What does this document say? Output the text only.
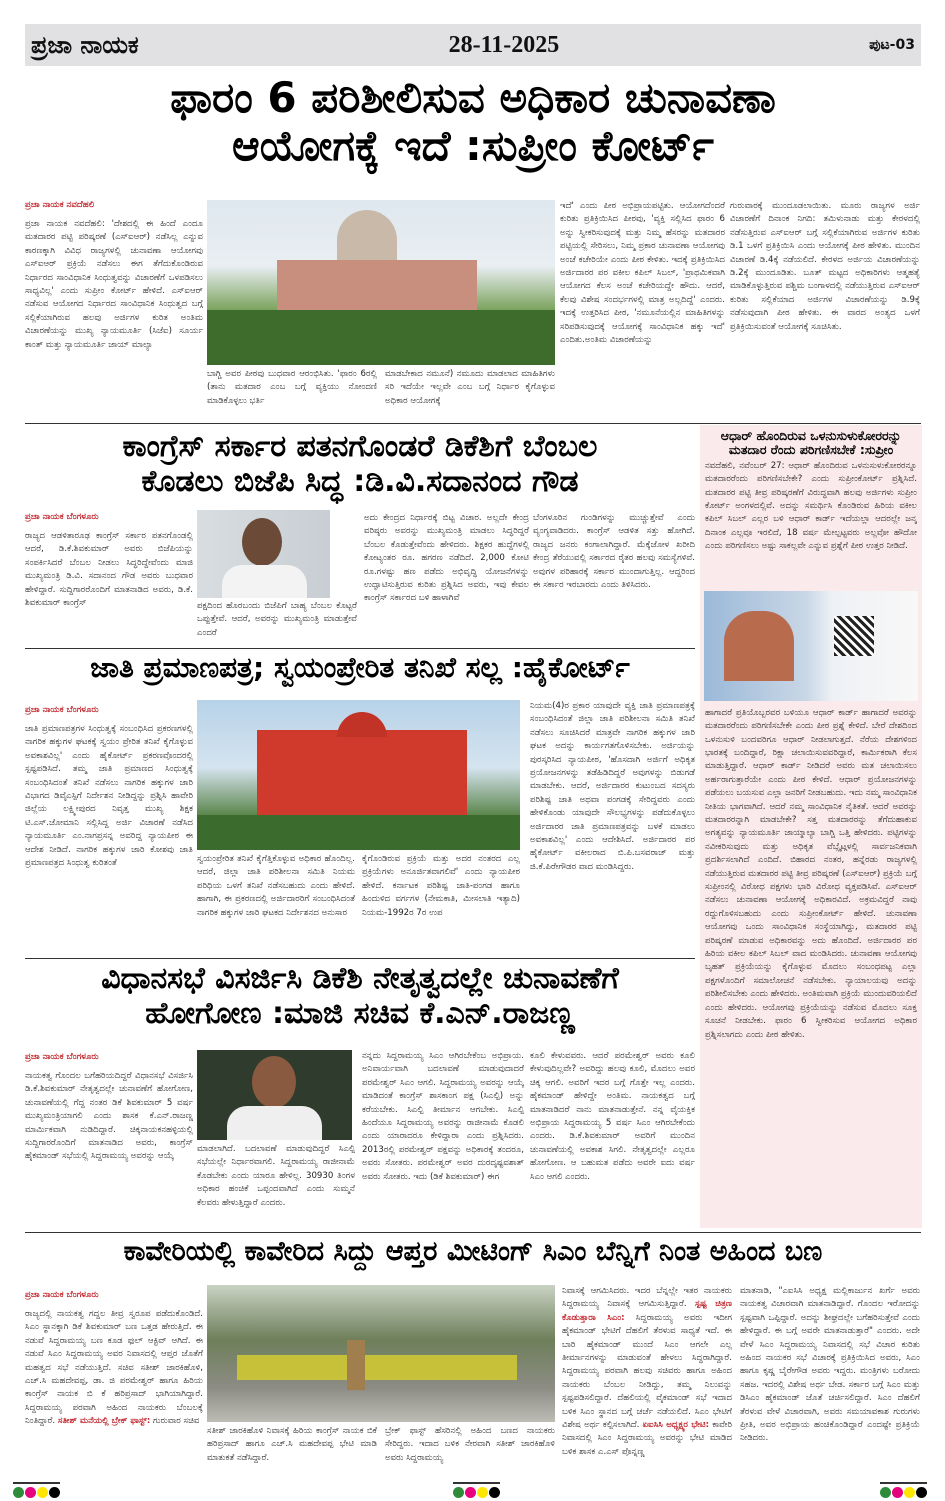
ಪ್ರಜಾ ನಾಯಕ	28-11-2025	ಪುಟ-03
ಫಾರಂ 6 ಪರಿಶೀಲಿಸುವ ಅಧಿಕಾರ ಚುನಾವಣಾ
ಆಯೋಗಕ್ಕೆ ಇದೆ :ಸುಪ್ರೀಂ ಕೋರ್ಟ್
ಪ್ರಜಾ ನಾಯಕ ನವದೆಹಲಿ
ಪ್ರಜಾ ನಾಯಕ ನವದೆಹಲಿ: 'ದೇಶದಲ್ಲಿ ಈ ಹಿಂದೆ ಎಂದೂ ಮತದಾರರ ಪಟ್ಟಿ ಪರಿಷ್ಕರಣೆ (ಎಸ್ಐಆರ್) ನಡೆಸಿಲ್ಲ ಎನ್ನುವ ಕಾರಣಕ್ಕಾಗಿ ವಿವಿಧ ರಾಜ್ಯಗಳಲ್ಲಿ ಚುನಾವಣಾ ಆಯೋಗವು ಎಸ್ಐಆರ್ ಪ್ರಕ್ರಿಯೆ ನಡೆಸಲು ಈಗ ತೆಗೆದುಕೊಂಡಿರುವ ನಿರ್ಧಾರದ ಸಾಂವಿಧಾನಿಕ ಸಿಂಧುತ್ವವನ್ನು ವಿಚಾರಣೆಗೆ ಒಳಪಡಿಸಲು ಸಾಧ್ಯವಿಲ್ಲ' ಎಂದು ಸುಪ್ರೀಂ ಕೋರ್ಟ್ ಹೇಳಿದೆ. ಎಸ್ಐಆರ್ ನಡೆಸುವ ಆಯೋಗದ ನಿರ್ಧಾರದ ಸಾಂವಿಧಾನಿಕ ಸಿಂಧುತ್ವದ ಬಗ್ಗೆ ಸಲ್ಲಿಕೆಯಾಗಿರುವ ಹಲವು ಅರ್ಜಿಗಳ ಕುರಿತ ಅಂತಿಮ ವಿಚಾರಣೆಯನ್ನು ಮುಖ್ಯ ನ್ಯಾಯಮೂರ್ತಿ (ಸಿಜೆಐ) ಸೂರ್ಯ ಕಾಂತ್ ಮತ್ತು ನ್ಯಾಯಮೂರ್ತಿ ಜಾಯ್ ಮಾಲ್ಯಾ
ಬಾಗ್ಚಿ ಅವರ ಪೀಠವು ಬುಧವಾರ ಆರಂಭಿಸಿತು. 'ಫಾರಂ 6ರಲ್ಲಿ (ತಾನು ಮತದಾರ ಎಂಬ ಬಗ್ಗೆ ವ್ಯಕ್ತಿಯು ನೋಂದಣಿ ಮಾಡಿಕೊಳ್ಳಲು ಭರ್ತಿ
ಮಾಡಬೇಕಾದ ನಮೂನೆ) ನಮೂದು ಮಾಡಲಾದ ಮಾಹಿತಿಗಳು ಸರಿ ಇದೆಯೇ ಇಲ್ಲವೇ ಎಂಬ ಬಗ್ಗೆ ನಿರ್ಧಾರ ಕೈಗೊಳ್ಳುವ ಅಧಿಕಾರ ಆಯೋಗಕ್ಕೆ
ಇದೆ' ಎಂದು ಪೀಠ ಅಭಿಪ್ರಾಯಪಟ್ಟಿತು. ಆಯೋಗದೆಂದರೆ ಕುರಿತು ಪ್ರತಿಕ್ರಿಯಿಸಿದ ಪೀಠವು, 'ವ್ಯಕ್ತಿ ಸಲ್ಲಿಸಿದ ಫಾರಂ 6 ಅನ್ನು ಸ್ವೀಕರಿಸುವುದಕ್ಕೆ ಮತ್ತು ನಿಮ್ಮ ಹೆಸರನ್ನು ಮತದಾರರ ಪಟ್ಟಿಯಲ್ಲಿ ಸೇರಿಸಲು, ನಿಮ್ಮ ಪ್ರಕಾರ ಚುನಾವಣಾ ಆಯೋಗವು ಅಂಚೆ ಕಚೇರಿಯೇ ಎಂದು ಪೀಠ ಕೇಳಿತು. ಇದಕ್ಕೆ ಪ್ರತಿಕ್ರಿಯಿಸಿದ ಅರ್ಜಿದಾರರ ಪರ ವಕೀಲ ಕಪಿಲ್ ಸಿಬಲ್, 'ಪ್ರಾಥಮಿಕವಾಗಿ ಆಯೋಗದ ಕೆಲಸ ಅಂಚೆ ಕಚೇರಿಯದ್ದೇ ಹೌದು. ಆದರೆ, ಕೆಲವು ವಿಶೇಷ ಸಂದರ್ಭಗಳಲ್ಲಿ ಮಾತ್ರ ಅಲ್ಲದಿದ್ದೆ' ಎಂದರು. ಇದಕ್ಕೆ ಉತ್ತರಿಸಿದ ಪೀಠ, 'ನಮೂನೆಯಲ್ಲಿನ ಮಾಹಿತಿಗಳನ್ನು ಸರಿಪಡಿಸುವುದಕ್ಕೆ ಆಯೋಗಕ್ಕೆ ಸಾಂವಿಧಾನಿಕ ಹಕ್ಕು ಇದೆ' ಎಂದಿತು.ಅಂತಿಮ ವಿಚಾರಣೆಯನ್ನು
ಗುರುವಾರಕ್ಕೆ ಮುಂದೂಡಲಾಯಿತು. ಮೂರು ರಾಜ್ಯಗಳ ಅರ್ಜಿ ವಿಚಾರಣೆಗೆ ದಿನಾಂಕ ನಿಗದಿ: ತಮಿಳುನಾಡು ಮತ್ತು ಕೇರಳದಲ್ಲಿ ನಡೆಸುತ್ತಿರುವ ಎಸ್ಐಆರ್ ಬಗ್ಗೆ ಸಲ್ಲಿಕೆಯಾಗಿರುವ ಅರ್ಜಿಗಳ ಕುರಿತು ಡಿ.1 ಒಳಗೆ ಪ್ರತಿಕ್ರಿಯಿಸಿ ಎಂದು ಆಯೋಗಕ್ಕೆ ಪೀಠ ಹೇಳಿತು. ಮುಂದಿನ ವಿಚಾರಣೆ ಡಿ.4ಕ್ಕೆ ನಡೆಯಲಿದೆ. ಕೇರಳದ ಅರ್ಜಿಯ ವಿಚಾರಣೆಯನ್ನು ಡಿ.2ಕ್ಕೆ ಮುಂದೂಡಿತು. ಬೂತ್ ಮಟ್ಟದ ಅಧಿಕಾರಿಗಳು ಆತ್ಮಹತ್ಯೆ ಮಾಡಿಕೊಳ್ಳುತ್ತಿರುವ ಪಶ್ಚಿಮ ಬಂಗಾಳದಲ್ಲಿ ನಡೆಯುತ್ತಿರುವ ಎಸ್ಐಆರ್ ಕುರಿತು ಸಲ್ಲಿಕೆಯಾದ ಅರ್ಜಿಗಳ ವಿಚಾರಣೆಯನ್ನು ಡಿ.9ಕ್ಕೆ ನಡೆಸುವುದಾಗಿ ಪೀಠ ಹೇಳಿತು. ಈ ವಾರದ ಅಂತ್ಯದ ಒಳಗೆ ಪ್ರತಿಕ್ರಿಯಿಸುವಂತೆ ಆಯೋಗಕ್ಕೆ ಸೂಚಿಸಿತು.
ಕಾಂಗ್ರೆಸ್ ಸರ್ಕಾರ ಪತನಗೊಂಡರೆ ಡಿಕೆಶಿಗೆ ಬೆಂಬಲ
ಕೊಡಲು ಬಿಜೆಪಿ ಸಿದ್ಧ :ಡಿ.ವಿ.ಸದಾನಂದ ಗೌಡ
ಪ್ರಜಾ ನಾಯಕ ಬೆಂಗಳೂರು
ರಾಜ್ಯದ ಆಡಳಿತಾರೂಢ ಕಾಂಗ್ರೆಸ್ ಸರ್ಕಾರ ಪತನಗೊಂಡಲ್ಲಿ ಆದರೆ, ಡಿ.ಕೆ.ಶಿವಕುಮಾರ್ ಅವರು ಬಿಜೆಪಿಯನ್ನು ಸಂಪರ್ಕಿಸಿದರೆ ಬೆಂಬಲ ನೀಡಲು ಸಿದ್ಧರಿದ್ದೇವೆಂದು ಮಾಜಿ ಮುಖ್ಯಮಂತ್ರಿ ಡಿ.ವಿ. ಸದಾನಂದ ಗೌಡ ಅವರು ಬುಧವಾರ ಹೇಳಿದ್ದಾರೆ. ಸುದ್ದಿಗಾರರೊಂದಿಗೆ ಮಾತನಾಡಿದ ಅವರು, ಡಿ.ಕೆ. ಶಿವಕುಮಾರ್ ಕಾಂಗ್ರೆಸ್	ಪಕ್ಷದಿಂದ ಹೊರಬಂದು ಬಿಜೆಪಿಗೆ ಬಾಹ್ಯ ಬೆಂಬಲ ಕೊಟ್ಟರೆ ಒಪ್ಪುತ್ತೇವೆ. ಆದರೆ, ಅವರನ್ನು ಮುಖ್ಯಮಂತ್ರಿ ಮಾಡುತ್ತೇವೆ ಎಂದರೆ
ಅದು ಕೇಂದ್ರದ ನಿರ್ಧಾರಕ್ಕೆ ಬಿಟ್ಟ ವಿಚಾರ. ಅಲ್ಲದೇ ಕೇಂದ್ರ ವರಿಷ್ಠರು ಅವರನ್ನು ಮುಖ್ಯಮಂತ್ರಿ ಮಾಡಲು ಸಿದ್ಧರಿದ್ದರೆ ಬೆಂಬಲ ಕೊಡುತ್ತೇವೆಂದು ಹೇಳಿದರು. ಶಿಕ್ಷಕರ ಹುದ್ದೆಗಳಲ್ಲಿ ಕೋಟ್ಯಂತರ ರೂ. ಹಗರಣ ನಡೆದಿದೆ. 2,000 ಕೋಟಿ ರೂ.ಗಳಷ್ಟು ಹಣ ಪಡೆದು ಅಭಿವೃದ್ಧಿ ಯೋಜನೆಗಳನ್ನು ಉದ್ಘಾಟಿಸುತ್ತಿರುವ ಕುರಿತು ಪ್ರಶ್ನಿಸಿದ ಅವರು, ಇವು ಕೇವಲ ಕಾಂಗ್ರೆಸ್ ಸರ್ಕಾರದ ಬಳಿ ಹಾಳಾಗಿವೆ
ಬೆಂಗಳೂರಿನ ಗುಂಡಿಗಳನ್ನು ಮುಚ್ಚುತ್ತೇವೆ ಎಂದು ವ್ಯಂಗ್ಯವಾಡಿದರು. ಕಾಂಗ್ರೆಸ್ ಆಡಳಿತ ಸತ್ತು ಹೋಗಿದೆ. ರಾಜ್ಯದ ಜನರು ಕಂಗಾಲಾಗಿದ್ದಾರೆ. ಮೆಕ್ಕೆಜೋಳ ಖರೀದಿ ಕೇಂದ್ರ ತೆರೆಯುವಲ್ಲಿ ಸರ್ಕಾರದ ರೈತರ ಹಲವು ಸಮಸ್ಯೆಗಳಿವೆ. ಅವುಗಳ ಪರಿಹಾರಕ್ಕೆ ಸರ್ಕಾರ ಮುಂದಾಗುತ್ತಿಲ್ಲ. ಆದ್ದರಿಂದ ಈ ಸರ್ಕಾರ ಇರಬಾರದು ಎಂದು ತಿಳಿಸಿದರು.
ಜಾತಿ ಪ್ರಮಾಣಪತ್ರ; ಸ್ವಯಂಪ್ರೇರಿತ ತನಿಖೆ ಸಲ್ಲ :ಹೈಕೋರ್ಟ್
ಪ್ರಜಾ ನಾಯಕ ಬೆಂಗಳೂರು
ಜಾತಿ ಪ್ರಮಾಣಪತ್ರಗಳ ಸಿಂಧುತ್ವಕ್ಕೆ ಸಂಬಂಧಿಸಿದ ಪ್ರಕರಣಗಳಲ್ಲಿ ನಾಗರಿಕ ಹಕ್ಕುಗಳ ಘಟಕಕ್ಕೆ ಸ್ವಯಂ ಪ್ರೇರಿತ ತನಿಖೆ ಕೈಗೊಳ್ಳುವ ಅವಕಾಶವಿಲ್ಲ' ಎಂದು ಹೈಕೋರ್ಟ್ ಪ್ರಕರಣವೊಂದರಲ್ಲಿ ಸ್ಪಷ್ಟಪಡಿಸಿದೆ. ತಮ್ಮ ಜಾತಿ ಪ್ರಮಾಣದ ಸಿಂಧುತ್ವಕ್ಕೆ ಸಂಬಂಧಿಸಿದಂತೆ ತನಿಖೆ ನಡೆಸಲು ನಾಗರಿಕ ಹಕ್ಕುಗಳ ಜಾರಿ ವಿಭಾಗದ ಡಿವೈಎಸ್ಪಿಗೆ ನಿರ್ದೇಶನ ನೀಡಿದ್ದನ್ನು ಪ್ರಶ್ನಿಸಿ ಹಾವೇರಿ ಜಿಲ್ಲೆಯ ಲಕ್ಷ್ಮೀಪುರದ ನಿವೃತ್ತ ಮುಖ್ಯ ಶಿಕ್ಷಕ ಟಿ.ಎಸ್.ಜೋಮಾನಿ ಸಲ್ಲಿಸಿದ್ದ ಅರ್ಜಿ ವಿಚಾರಣೆ ನಡೆಸಿದ ನ್ಯಾಯಮೂರ್ತಿ ಎಂ.ನಾಗಪ್ರಸನ್ನ ಅವರಿದ್ದ ನ್ಯಾಯಪೀಠ ಈ ಆದೇಶ ನೀಡಿದೆ. ನಾಗರಿಕ ಹಕ್ಕುಗಳ ಜಾರಿ ಕೋಶವು ಜಾತಿ ಪ್ರಮಾಣಪತ್ರದ ಸಿಂಧುತ್ವ ಕುರಿತಂತೆ	ಸ್ವಯಂಪ್ರೇರಿತ ತನಿಖೆ ಕೈಗೆತ್ತಿಕೊಳ್ಳುವ ಅಧಿಕಾರ ಹೊಂದಿಲ್ಲ. ಆದರೆ, ಜಿಲ್ಲಾ ಜಾತಿ ಪರಿಶೀಲನಾ ಸಮಿತಿ ನಿಯಮ ಪರಿಧಿಯ ಒಳಗೆ ತನಿಖೆ ನಡೆಸಬಹುದು ಎಂದು ಹೇಳಿದೆ. ಹಾಗಾಗಿ, ಈ ಪ್ರಕರಣದಲ್ಲಿ ಅರ್ಜಿದಾರರಿಗೆ ಸಂಬಂಧಿಸಿದಂತೆ ನಾಗರಿಕ ಹಕ್ಕುಗಳ ಜಾರಿ ಘಟಕದ ನಿರ್ದೇಶನದ ಅನುಸಾರ
ಕೈಗೊಂಡಿರುವ ಪ್ರಕ್ರಿಯೆ ಮತ್ತು ಅದರ ನಂತರದ ಎಲ್ಲ ಪ್ರಕ್ರಿಯೆಗಳು ಅನೂರ್ಜಿತವಾಗಲಿವೆ' ಎಂದು ನ್ಯಾಯಪೀಠ ಹೇಳಿದೆ. ಕರ್ನಾಟಕ ಪರಿಶಿಷ್ಟ ಜಾತಿ-ಪಂಗಡ ಹಾಗೂ ಹಿಂದುಳಿದ ವರ್ಗಗಳ (ನೇಮಕಾತಿ, ಮೀಸಲಾತಿ ಇತ್ಯಾದಿ) ನಿಯಮ-1992ರ 7ರ ಉಪ
ನಿಯಮ(4)ರ ಪ್ರಕಾರ ಯಾವುದೇ ವ್ಯಕ್ತಿ ಜಾತಿ ಪ್ರಮಾಣಪತ್ರಕ್ಕೆ ಸಂಬಂಧಿಸಿದಂತೆ ಜಿಲ್ಲಾ ಜಾತಿ ಪರಿಶೀಲನಾ ಸಮಿತಿ ತನಿಖೆ ನಡೆಸಲು ಸೂಚಿಸಿದರೆ ಮಾತ್ರವೇ ನಾಗರಿಕ ಹಕ್ಕುಗಳ ಜಾರಿ ಘಟಕ ಅದನ್ನು ಕಾರ್ಯಗತಗೊಳಿಸಬೇಕು. ಅರ್ಜಿಯನ್ನು ಪುರಸ್ಕರಿಸಿದ ನ್ಯಾಯಪೀಠ, 'ಹೊಸದಾಗಿ ಅರ್ಜಿಗೆ ಅಧಿಕೃತ ಪ್ರಯೋಜನಗಳನ್ನು ತಡೆಹಿಡಿದಿದ್ದರೆ ಅವುಗಳನ್ನು ಬಿಡುಗಡೆ ಮಾಡಬೇಕು. ಆದರೆ, ಅರ್ಜಿದಾರರ ಕುಟುಂಬದ ಸದಸ್ಯರು ಪರಿಶಿಷ್ಟ ಜಾತಿ ಅಥವಾ ಪಂಗಡಕ್ಕೆ ಸೇರಿದ್ದವರು ಎಂದು ಹೇಳಿಕೊಂಡು ಯಾವುದೇ ಸೌಲಭ್ಯಗಳನ್ನು ಪಡೆದುಕೊಳ್ಳಲು ಅರ್ಜಿದಾರರ ಜಾತಿ ಪ್ರಮಾಣಪತ್ರವನ್ನು ಬಳಕೆ ಮಾಡಲು ಅವಕಾಶವಿಲ್ಲ' ಎಂದು ಆದೇಶಿಸಿದೆ. ಅರ್ಜಿದಾರರ ಪರ ಹೈಕೋರ್ಟ್ ವಕೀಲರಾದ ಬಿ.ಪಿ.ಬಸವರಾಜ್ ಮತ್ತು ಜಿ.ಕೆ.ಪಿರೇಗೌಡರ ವಾದ ಮಂಡಿಸಿದ್ದರು.
ವಿಧಾನಸಭೆ ವಿಸರ್ಜಿಸಿ ಡಿಕೆಶಿ ನೇತೃತ್ವದಲ್ಲೇ ಚುನಾವಣೆಗೆ
ಹೋಗೋಣ :ಮಾಜಿ ಸಚಿವ ಕೆ.ಎನ್.ರಾಜಣ್ಣ
ಪ್ರಜಾ ನಾಯಕ ಬೆಂಗಳೂರು
ನಾಯಕತ್ವ ಗೊಂದಲ ಬಗೆಹರಿಯದಿದ್ದರೆ ವಿಧಾನಸಭೆ ವಿಸರ್ಜಿಸಿ ಡಿ.ಕೆ.ಶಿವಕುಮಾರ್ ನೇತೃತ್ವದಲ್ಲೇ ಚುನಾವಣೆಗೆ ಹೋಗೋಣ, ಚುನಾವಣೆಯಲ್ಲಿ ಗೆದ್ದ ನಂತರ ಡಿಕೆ ಶಿವಕುಮಾರ್ 5 ವರ್ಷ ಮುಖ್ಯಮಂತ್ರಿಯಾಗಲಿ ಎಂದು ಶಾಸಕ ಕೆ.ಎನ್.ರಾಜಣ್ಣ ಮಾರ್ಮಿಕವಾಗಿ ನುಡಿದಿದ್ದಾರೆ. ಚಿಕ್ಕನಾಯಕನಹಳ್ಳಿಯಲ್ಲಿ ಸುದ್ದಿಗಾರರೊಂದಿಗೆ ಮಾತನಾಡಿದ ಅವರು, ಕಾಂಗ್ರೆಸ್ ಹೈಕಮಾಂಡ್ ಸಭೆಯಲ್ಲಿ ಸಿದ್ದರಾಮಯ್ಯ ಅವರನ್ನು ಆಯ್ಕೆ
ಮಾಡಲಾಗಿದೆ. ಬದಲಾವಣೆ ಮಾಡುವುದಿದ್ದರೆ ಸಿಎಲ್ಪಿ ಸಭೆಯಲ್ಲೇ ನಿರ್ಧಾರವಾಗಲಿ. ಸಿದ್ದರಾಮಯ್ಯ ರಾಜೀನಾಮೆ ಕೊಡಬೇಕು ಎಂದು ಯಾರೂ ಹೇಳಿಲ್ಲ. 30930 ತಿಂಗಳ ಅಧಿಕಾರ ಹಂಚಿಕೆ ಒಪ್ಪಂದವಾಗಿದೆ ಎಂದು ಸುಮ್ಮನೆ ಕೆಲವರು ಹೇಳುತ್ತಿದ್ದಾರೆ ಎಂದರು.
ನನ್ನದು ಸಿದ್ದರಾಮಯ್ಯ ಸಿಎಂ ಆಗಿರಬೇಕೆಂಬ ಅಭಿಪ್ರಾಯ. ಅನಿವಾರ್ಯವಾಗಿ ಬದಲಾವಣೆ ಮಾಡುವುದಾದರೆ ಪರಮೇಶ್ವರ್ ಸಿಎಂ ಆಗಲಿ. ಸಿದ್ದರಾಮಯ್ಯ ಅವರನ್ನು ಆಯ್ಕೆ ಮಾಡಿದಂತೆ ಕಾಂಗ್ರೆಸ್ ಶಾಸಕಾಂಗ ಪಕ್ಷ (ಸಿಎಲ್ಪಿ) ಅನ್ನು ಕರೆಯಬೇಕು. ಸಿಎಲ್ಪಿ ತೀರ್ಮಾನ ಆಗಬೇಕು. ಸಿಎಲ್ಪಿ ಹಿಂದೆಯೂ ಸಿದ್ದರಾಮಯ್ಯ ಅವರನ್ನು ರಾಜೀನಾಮೆ ಕೊಡಲಿ ಎಂದು ಯಾರಾದರೂ ಕೇಳಿದ್ದಾರಾ ಎಂದು ಪ್ರಶ್ನಿಸಿದರು. 2013ರಲ್ಲಿ ಪರಮೇಶ್ವರ್ ಪಕ್ಷವನ್ನು ಅಧಿಕಾರಕ್ಕೆ ತಂದರೂ, ಅವರು ಸೋತರು. ಪರಮೇಶ್ವರ್ ಅವರ ದುರದೃಷ್ಟವಶಾತ್ ಅವರು ಸೋತರು. ಇದು (ಡಿಕೆ ಶಿವಕುಮಾರ್) ಈಗ
ಕೂಲಿ ಕೇಳುವವರು. ಆದರೆ ಪರಮೇಶ್ವರ್ ಅವರು ಕೂಲಿ ಕೇಳುವುದಿಲ್ಲವೇ? ಅವರಿದ್ದು ಹಲವು ಕೂಲಿ, ಮೊದಲು ಅವರ ಚಿಕ್ಕ ಆಗಲಿ. ಅವರಿಗೆ ಇದರ ಬಗ್ಗೆ ಗೊತ್ತೇ ಇಲ್ಲ ಎಂದರು. ಹೈಕಮಾಂಡ್ ಹೇಳಿದ್ದೇ ಅಂತಿಮ. ನಾಯಕತ್ವದ ಬಗ್ಗೆ ಮಾತನಾಡಿದರೆ ನಾನು ಮಾತನಾಡುತ್ತೇನೆ. ನನ್ನ ವೈಯಕ್ತಿಕ ಅಭಿಪ್ರಾಯ ಸಿದ್ದರಾಮಯ್ಯ 5 ವರ್ಷ ಸಿಎಂ ಆಗಿರಬೇಕೆಂದು ಎಂದರು. ಡಿ.ಕೆ.ಶಿವಕುಮಾರ್ ಅವರಿಗೆ ಮುಂದಿನ ಚುನಾವಣೆಯಲ್ಲಿ ಅವಕಾಶ ಸಿಗಲಿ. ನೇತೃತ್ವದಲ್ಲೇ ಎಲ್ಲರೂ ಹೋಗೋಣ. ಆ ಬಹುಮತ ಪಡೆದು ಅವರೇ ಐದು ವರ್ಷ ಸಿಎಂ ಆಗಲಿ ಎಂದರು.
ಆಧಾರ್ ಹೊಂದಿರುವ ಒಳನುಸುಳುಕೋರರನ್ನು
ಮತದಾರ ರೆಂದು ಪರಿಗಣಿಸಬೇಕೆ :ಸುಪ್ರೀಂ
ನವದೆಹಲಿ, ನವೆಂಬರ್ 27: ಆಧಾರ್ ಹೊಂದಿರುವ ಒಳನುಸುಳುಕೋರರನ್ನೂ ಮತದಾರರೆಂದು ಪರಿಗಣಿಸಬೇಕೇ? ಎಂದು ಸುಪ್ರೀಂಕೋರ್ಟ್ ಪ್ರಶ್ನಿಸಿದೆ. ಮತದಾರರ ಪಟ್ಟಿ ತೀವ್ರ ಪರಿಷ್ಕರಣೆಗೆ ವಿರುದ್ಧವಾಗಿ ಹಲವು ಅರ್ಜಿಗಳು ಸುಪ್ರೀಂ ಕೋರ್ಟ್ ಅಂಗಳದಲ್ಲಿವೆ. ಅದನ್ನು ಸಮರ್ಥಿಸಿ ಕೊಂಡಿರುವ ಹಿರಿಯ ವಕೀಲ ಕಪಿಲ್ ಸಿಬಲ್ ಎಲ್ಲರ ಬಳಿ ಆಧಾರ್ ಕಾರ್ಡ್ ಇದೆಯಲ್ಲಾ ಆದರಲ್ಲೇ ಜನ್ಮ ದಿನಾಂಕ ಎಲ್ಲವೂ ಇರಲಿದೆ, 18 ವರ್ಷ ಮೇಲ್ಪಟ್ಟವರು ಅಲ್ಲವೋ ಹೌದೋ ಎಂದು ಪರಿಗಣಿಸಲು ಅಷ್ಟು ಸಾಕಲ್ಲವೇ ಎನ್ನುವ ಪ್ರಶ್ನೆಗೆ ಪೀಠ ಉತ್ತರ ನೀಡಿದೆ.
ಹಾಗಾದರೆ ಪ್ರತಿಯೊಬ್ಬರವರ ಬಳಿಯೂ ಆಧಾರ್ ಕಾರ್ಡ್ ಹಾಗಾದರೆ ಅವರನ್ನು ಮತದಾರರೆಂದು ಪರಿಗಣಿಸಬೇಕೇ ಎಂದು ಪೀಠ ಪ್ರಶ್ನೆ ಕೇಳಿದೆ. ಬೇರೆ ದೇಶದಿಂದ ಒಳನುಸುಳಿ ಬಂದವರಿಗೂ ಆಧಾರ್ ನೀಡಲಾಗುತ್ತದೆ. ನೆರೆಯ ದೇಶಗಳಿಂದ ಭಾರತಕ್ಕೆ ಬಂದಿದ್ದಾರೆ, ರಿಕ್ಷಾ ಚಲಾಯಿಸುವವರಿದ್ದಾರೆ, ಕಾರ್ಮಿಕರಾಗಿ ಕೆಲಸ ಮಾಡುತ್ತಿದ್ದಾರೆ. ಆಧಾರ್ ಕಾರ್ಡ್ ನೀಡಿದರೆ ಅವರು ಮತ ಚಲಾಯಿಸಲು ಅರ್ಹರಾಗುತ್ತಾರೆಯೇ ಎಂದು ಪೀಠ ಕೇಳಿದೆ. ಆಧಾರ್ ಪ್ರಯೋಜನಗಳನ್ನು ಪಡೆಯಲು ಬಯಸುವ ಎಲ್ಲಾ ಜನರಿಗೆ ನೀಡಬಹುದು. ಇದು ನಮ್ಮ ಸಾಂವಿಧಾನಿಕ ನೀತಿಯ ಭಾಗವಾಗಿದೆ. ಆದರೆ ನಮ್ಮ ಸಾಂವಿಧಾನಿಕ ನೈತಿಕತೆ. ಆದರೆ ಅವರನ್ನು ಮತದಾರರನ್ನಾಗಿ ಮಾಡಬೇಕೇ? ಸತ್ತ ಮತದಾರರನ್ನು ತೆಗೆದುಹಾಕುವ ಅಗತ್ಯವನ್ನು ನ್ಯಾಯಮೂರ್ತಿ ಜಾಯ್ಮಾಲ್ಯಾ ಬಾಗ್ಚಿ ಒತ್ತಿ ಹೇಳಿದರು. ಪಟ್ಟಿಗಳನ್ನು ನವೀಕರಿಸುವುದು ಮತ್ತು ಅಧಿಕೃತ ವೆಬ್ಸೈಟ್ಗಳಲ್ಲಿ ಸಾರ್ವಜನಿಕವಾಗಿ ಪ್ರದರ್ಶಿಸಲಾಗಿದೆ ಎಂದಿದೆ. ಬಿಹಾರದ ನಂತರ, ಹನ್ನೆರಡು ರಾಜ್ಯಗಳಲ್ಲಿ ನಡೆಯುತ್ತಿರುವ ಮತದಾರರ ಪಟ್ಟಿ ತೀವ್ರ ಪರಿಷ್ಕರಣೆ (ಎಸ್ಐಆರ್) ಪ್ರಕ್ರಿಯೆ ಬಗ್ಗೆ ಸುಪ್ರೀಂನಲ್ಲಿ ವಿರೋಧ ಪಕ್ಷಗಳು ಭಾರಿ ವಿರೋಧ ವ್ಯಕ್ತಪಡಿಸಿವೆ. ಎಸ್ಐಆರ್ ನಡೆಸಲು ಚುನಾವಣಾ ಆಯೋಗಕ್ಕೆ ಅಧಿಕಾರವಿದೆ. ಅಕ್ರಮವಿದ್ದರೆ ನಾವು ರದ್ದುಗೊಳಿಸಬಹುದು ಎಂದು ಸುಪ್ರೀಂಕೋರ್ಟ್ ಹೇಳಿದೆ. ಚುನಾವಣಾ ಆಯೋಗವು ಒಂದು ಸಾಂವಿಧಾನಿಕ ಸಂಸ್ಥೆಯಾಗಿದ್ದು, ಮತದಾರರ ಪಟ್ಟಿ ಪರಿಷ್ಕರಣೆ ಮಾಡುವ ಅಧಿಕಾರವನ್ನು ಅದು ಹೊಂದಿದೆ. ಅರ್ಜಿದಾರರ ಪರ ಹಿರಿಯ ವಕೀಲ ಕಪಿಲ್ ಸಿಬಲ್ ವಾದ ಮಂಡಿಸಿದರು. ಚುನಾವಣಾ ಆಯೋಗವು ಬೃಹತ್ ಪ್ರಕ್ರಿಯೆಯನ್ನು ಕೈಗೊಳ್ಳುವ ಮೊದಲು ಸಂಬಂಧಪಟ್ಟ ಎಲ್ಲಾ ಪಕ್ಷಗಳೊಂದಿಗೆ ಸಮಾಲೋಚನೆ ನಡೆಸಬೇಕು. ನ್ಯಾಯಾಲಯವು ಅದನ್ನು ಪರಿಶೀಲಿಸಬೇಕು ಎಂದು ಹೇಳಿದರು. ಅಂತಿಮವಾಗಿ ಪ್ರಕ್ರಿಯೆ ಮುಂದುವರಿಯಲಿದೆ ಎಂದು ಹೇಳಿದರು. ಆಯೋಗವು ಪ್ರಕ್ರಿಯೆಯನ್ನು ನಡೆಸುವ ಮೊದಲು ಸೂಕ್ತ ಸೂಚನೆ ನೀಡಬೇಕು. ಫಾರಂ 6 ಸ್ವೀಕರಿಸುವ ಆಯೋಗದ ಅಧಿಕಾರ ಪ್ರಶ್ನಿಸಲಾಗದು ಎಂದು ಪೀಠ ಹೇಳಿತು.
ಕಾವೇರಿಯಲ್ಲಿ ಕಾವೇರಿದ ಸಿದ್ದು ಆಪ್ತರ ಮೀಟಿಂಗ್ ಸಿಎಂ ಬೆನ್ನಿಗೆ ನಿಂತ ಅಹಿಂದ ಬಣ
ಪ್ರಜಾ ನಾಯಕ ಬೆಂಗಳೂರು
ರಾಜ್ಯದಲ್ಲಿ ನಾಯಕತ್ವ ಗದ್ದಲ ತೀವ್ರ ಸ್ವರೂಪ ಪಡೆದುಕೊಂಡಿದೆ. ಸಿಎಂ ಸ್ಥಾನಕ್ಕಾಗಿ ಡಿಕೆ ಶಿವಕುಮಾರ್ ಬಣ ಒತ್ತಡ ಹೇರುತ್ತಿದೆ. ಈ ನಡುವೆ ಸಿದ್ದರಾಮಯ್ಯ ಬಣ ಕೂಡ ಫುಲ್ ಆಕ್ಟಿವ್ ಆಗಿದೆ. ಈ ನಡುವೆ ಸಿಎಂ ಸಿದ್ದರಾಮಯ್ಯ ಅವರ ನಿವಾಸದಲ್ಲಿ ಆಪ್ತರ ಜೊತೆಗೆ ಮಹತ್ವದ ಸಭೆ ನಡೆಯುತ್ತಿದೆ. ಸಚಿವ ಸತೀಶ್ ಜಾರಕಿಹೊಳಿ, ಎಚ್.ಸಿ ಮಹದೇವಪ್ಪ, ಡಾ. ಜಿ ಪರಮೇಶ್ವರ್ ಹಾಗೂ ಹಿರಿಯ ಕಾಂಗ್ರೆಸ್ ನಾಯಕ ಬಿ ಕೆ ಹರಿಪ್ರಸಾದ್ ಭಾಗಿಯಾಗಿದ್ದಾರೆ. ಸಿದ್ದರಾಮಯ್ಯ ಪರವಾಗಿ ಅಹಿಂದ ನಾಯಕರು ಬೆಂಬಲಕ್ಕೆ ನಿಂತಿದ್ದಾರೆ. ಸತೀಶ್ ಮನೆಯಲ್ಲಿ ಬ್ರೇಕ್ ಫಾಸ್ಟ್: ಗುರುವಾರ ಸಚಿವ
ಸತೀಶ್ ಜಾರಕಿಹೊಳಿ ನಿವಾಸಕ್ಕೆ ಹಿರಿಯ ಕಾಂಗ್ರೆಸ್ ನಾಯಕ ಬಿಕೆ ಹರಿಪ್ರಸಾದ್ ಹಾಗೂ ಎಚ್.ಸಿ ಮಹದೇವಪ್ಪ ಭೇಟಿ ಮಾಡಿ ಮಾತುಕತೆ ನಡೆಸಿದ್ದಾರೆ.
ಬ್ರೇಕ್ ಫಾಸ್ಟ್ ಹೆಸರಿನಲ್ಲಿ ಅಹಿಂದ ಬಣದ ನಾಯಕರು ಸೇರಿದ್ದರು. ಇದಾದ ಬಳಿಕ ನೇರವಾಗಿ ಸತೀಶ್ ಜಾರಕಿಹೊಳಿ ಅವರು ಸಿದ್ದರಾಮಯ್ಯ
ನಿವಾಸಕ್ಕೆ ಆಗಮಿಸಿದರು. ಇದರ ಬೆನ್ನಲ್ಲೇ ಇತರ ನಾಯಕರು ಸಿದ್ದರಾಮಯ್ಯ ನಿವಾಸಕ್ಕೆ ಆಗಮಿಸುತ್ತಿದ್ದಾರೆ. ಸ್ಪಷ್ಟ ಚಿತ್ರಣ ಕೊಡುತ್ತಾರಾ ಸಿಎಂ: ಸಿದ್ದರಾಮಯ್ಯ ಅವರು ಇದೀಗ ಹೈಕಮಾಂಡ್ ಭೇಟಿಗೆ ದೆಹಲಿಗೆ ತೆರಳುವ ಸಾಧ್ಯತೆ ಇದೆ. ಈ ಬಾರಿ ಹೈಕಮಾಂಡ್ ಮುಂದೆ ಸಿಎಂ ಆಗಲೇ ಎಲ್ಲ ತೀರ್ಮಾನಗಳನ್ನು ಮಾಡುವಂತೆ ಹೇಳಲು ಸಿದ್ಧರಾಗಿದ್ದಾರೆ. ಸಿದ್ದರಾಮಯ್ಯ ಪರವಾಗಿ ಹಲವು ಸಚಿವರು ಹಾಗೂ ಅಹಿಂದ ನಾಯಕರು ಬೆಂಬಲ ನೀಡಿದ್ದು, ತಮ್ಮ ನಿಲುವನ್ನು ಸ್ಪಷ್ಟಪಡಿಸಲಿದ್ದಾರೆ. ದೆಹಲಿಯಲ್ಲಿ ವೈಕಮಾಂಡ್ ಸಭೆ ಇದಾದ ಬಳಿಕ ಸಿಎಂ ಸ್ಥಾನದ ಬಗ್ಗೆ ಚರ್ಚೆ ನಡೆಯಲಿದೆ. ಸಿಎಂ ಭೇಟಿಗೆ ವಿಶೇಷ ಅರ್ಥ ಕಲ್ಪಿಸಲಾಗಿದೆ. ಏಐಸಿಸಿ ಅಧ್ಯಕ್ಷ್ಯರ ಭೇಟಿ: ಕಾವೇರಿ ನಿವಾಸದಲ್ಲಿ ಸಿಎಂ ಸಿದ್ದರಾಮಯ್ಯ ಅವರನ್ನು ಭೇಟಿ ಮಾಡಿದ ಬಳಿಕ ಶಾಸಕ ಎ.ಎಸ್ ಪೊನ್ನಣ್ಣ
ಮಾತನಾಡಿ, "ಎಐಸಿಸಿ ಅಧ್ಯಕ್ಷ ಮಲ್ಲಿಕಾರ್ಜುನ ಖರ್ಗೆ ಅವರು ನಾಯಕತ್ವ ವಿಚಾರವಾಗಿ ಮಾತನಾಡಿದ್ದಾರೆ. ಗೊಂದಲ ಇರೋದನ್ನು ಸ್ಪಷ್ಟವಾಗಿ ಒಪ್ಪಿದ್ದಾರೆ. ಅದನ್ನು ಶೀಘ್ರದಲ್ಲೇ ಬಗೆಹರಿಸುತ್ತೇವೆ ಎಂದು ಹೇಳಿದ್ದಾರೆ. ಈ ಬಗ್ಗೆ ಅವರೇ ಮಾತನಾಡುತ್ತಾರೆ" ಎಂದರು. ಅದೇ ವೇಳೆ ಸಿಎಂ ಸಿದ್ದರಾಮಯ್ಯ ನಿವಾಸದಲ್ಲಿ ಸಭೆ ವಿಚಾರ ಕುರಿತು ಅಹಿಂದ ನಾಯಕರ ಸಭೆ ವಿಚಾರಕ್ಕೆ ಪ್ರತಿಕ್ರಿಯಿಸಿದ ಅವರು, ಸಿಎಂ ಹಾಗೂ ಕೃಷ್ಣ ಬೈರೇಗೌಡ ಅವರು ಇದ್ದರು. ಮಂತ್ರಿಗಳು ಬರೋದು ಸಹಜ. ಇದರಲ್ಲಿ ವಿಶೇಷ ಅರ್ಥ ಬೇಡ. ಸರ್ಕಾರ ಬಗ್ಗೆ ಸಿಎಂ ಮತ್ತು ಡಿಸಿಎಂ ಹೈಕಮಾಂಡ್ ಜೊತೆ ಚರ್ಚಿಸಲಿದ್ದಾರೆ. ಸಿಎಂ ದೆಹಲಿಗೆ ತೆರಳುವ ವೇಳೆ ವಿಚಾರವಾಗಿ, ಅವರು ಸಮಯಾವಕಾಶ ಗುರುಗಳು ಪ್ರೀತಿ, ಅವರ ಅಭಿಪ್ರಾಯ ಹಂಚಿಕೊಂಡಿದ್ದಾರೆ ಎಂದಷ್ಟೇ ಪ್ರತಿಕ್ರಿಯೆ ನೀಡಿದರು.
